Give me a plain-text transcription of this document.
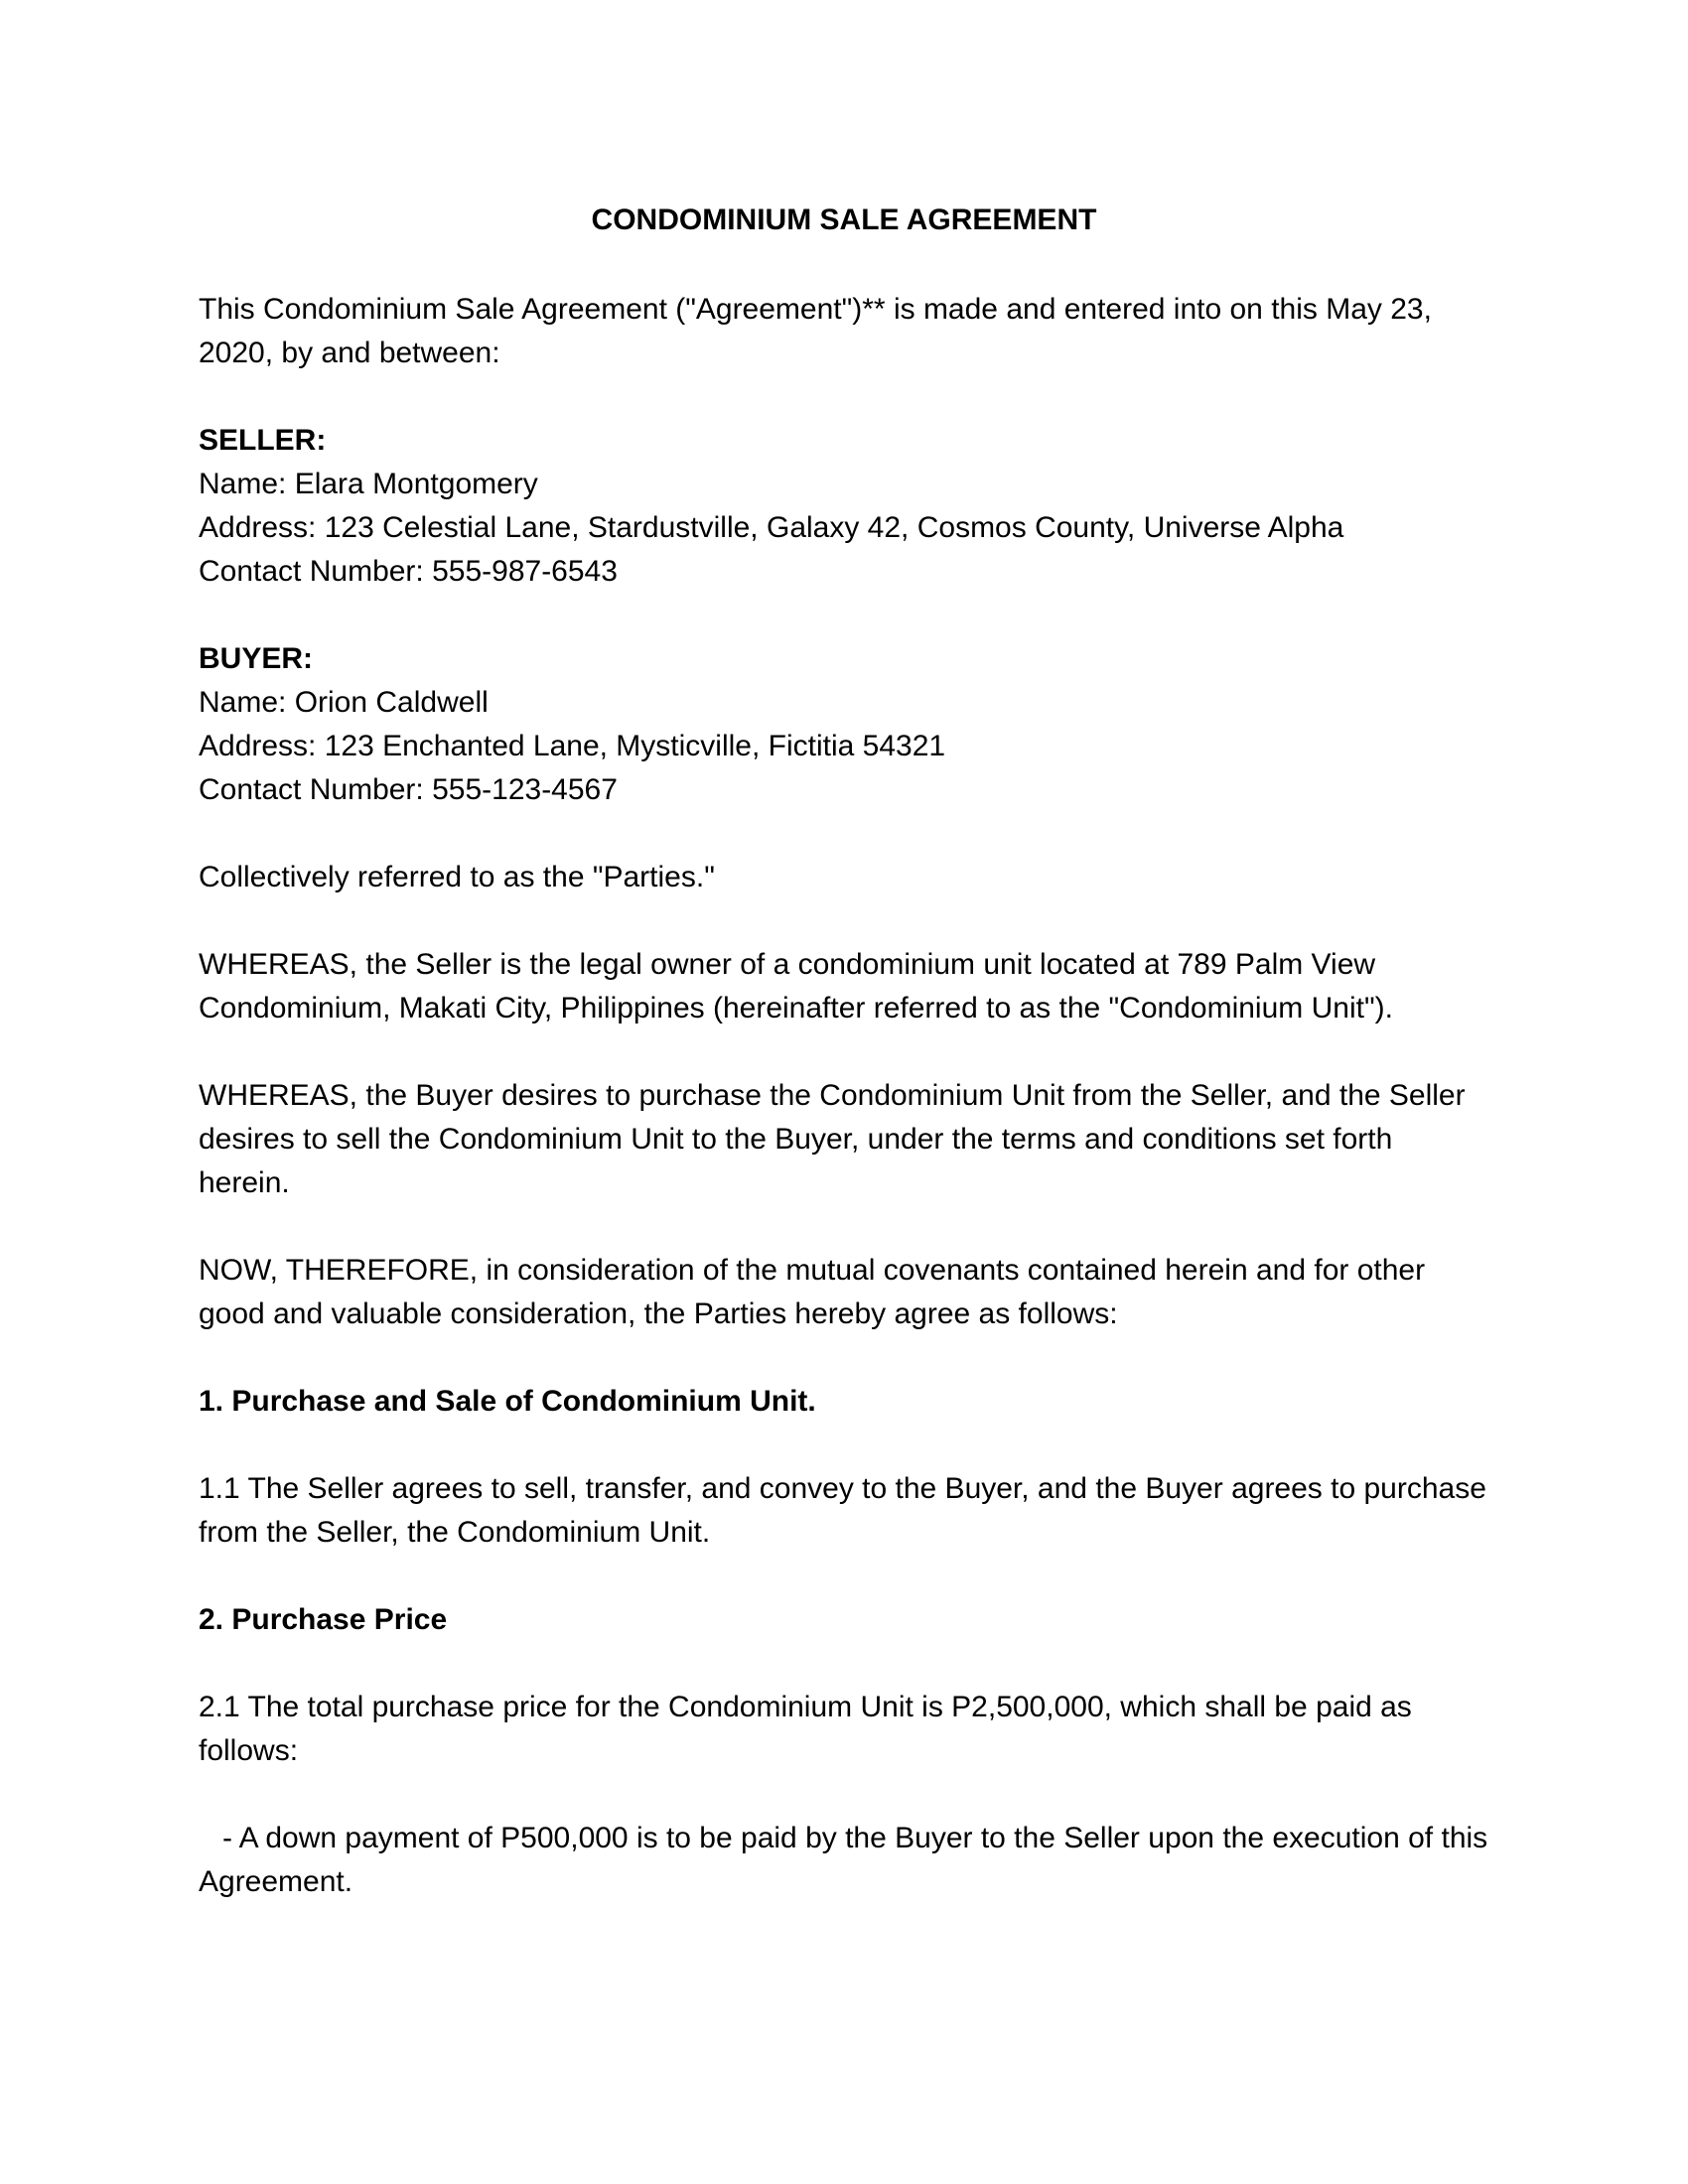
CONDOMINIUM SALE AGREEMENT

This Condominium Sale Agreement ("Agreement")** is made and entered into on this May 23, 2020, by and between:

SELLER:
Name: Elara Montgomery
Address: 123 Celestial Lane, Stardustville, Galaxy 42, Cosmos County, Universe Alpha
Contact Number: 555-987-6543
BUYER:
Name: Orion Caldwell
Address: 123 Enchanted Lane, Mysticville, Fictitia 54321
Contact Number: 555-123-4567

Collectively referred to as the "Parties."

WHEREAS, the Seller is the legal owner of a condominium unit located at 789 Palm View Condominium, Makati City, Philippines (hereinafter referred to as the "Condominium Unit").

WHEREAS, the Buyer desires to purchase the Condominium Unit from the Seller, and the Seller desires to sell the Condominium Unit to the Buyer, under the terms and conditions set forth herein.

NOW, THEREFORE, in consideration of the mutual covenants contained herein and for other good and valuable consideration, the Parties hereby agree as follows:

1. Purchase and Sale of Condominium Unit.

1.1 The Seller agrees to sell, transfer, and convey to the Buyer, and the Buyer agrees to purchase from the Seller, the Condominium Unit.

2. Purchase Price

2.1 The total purchase price for the Condominium Unit is P2,500,000, which shall be paid as follows:

- A down payment of P500,000 is to be paid by the Buyer to the Seller upon the execution of this Agreement.
